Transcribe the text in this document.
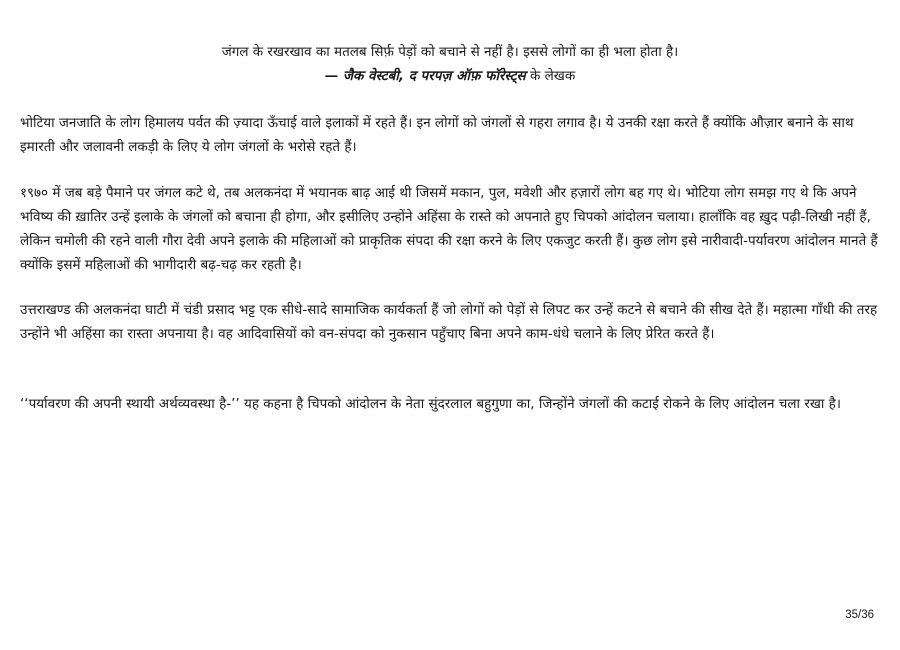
जंगल के रखरखाव का मतलब सिर्फ़ पेड़ों को बचाने से नहीं है। इससे लोगों का ही भला होता है।
— जैक वेस्टबी, द परपज़ ऑफ़ फॉरेस्ट्स के लेखक

भोटिया जनजाति के लोग हिमालय पर्वत की ज़्यादा ऊँचाई वाले इलाकों में रहते हैं। इन लोगों को जंगलों से गहरा लगाव है। ये उनकी रक्षा करते हैं क्योंकि औज़ार बनाने के साथ इमारती और जलावनी लकड़ी के लिए ये लोग जंगलों के भरोसे रहते हैं।

१९७० में जब बड़े पैमाने पर जंगल कटे थे, तब अलकनंदा में भयानक बाढ़ आई थी जिसमें मकान, पुल, मवेशी और हज़ारों लोग बह गए थे। भोटिया लोग समझ गए थे कि अपने भविष्य की ख़ातिर उन्हें इलाके के जंगलों को बचाना ही होगा, और इसीलिए उन्होंने अहिंसा के रास्ते को अपनाते हुए चिपको आंदोलन चलाया। हालाँकि वह ख़ुद पढ़ी-लिखी नहीं हैं, लेकिन चमोली की रहने वाली गौरा देवी अपने इलाके की महिलाओं को प्राकृतिक संपदा की रक्षा करने के लिए एकजुट करती हैं। कुछ लोग इसे नारीवादी-पर्यावरण आंदोलन मानते हैं क्योंकि इसमें महिलाओं की भागीदारी बढ़-चढ़ कर रहती है।

उत्तराखण्ड की अलकनंदा घाटी में चंडी प्रसाद भट्ट एक सीधे-सादे सामाजिक कार्यकर्ता हैं जो लोगों को पेड़ों से लिपट कर उन्हें कटने से बचाने की सीख देते हैं। महात्मा गाँधी की तरह उन्होंने भी अहिंसा का रास्ता अपनाया है। वह आदिवासियों को वन-संपदा को नुकसान पहुँचाए बिना अपने काम-धंधे चलाने के लिए प्रेरित करते हैं।

‘‘पर्यावरण की अपनी स्थायी अर्थव्यवस्था है-’’ यह कहना है चिपको आंदोलन के नेता सुंदरलाल बहुगुणा का, जिन्होंने जंगलों की कटाई रोकने के लिए आंदोलन चला रखा है।

35/36
